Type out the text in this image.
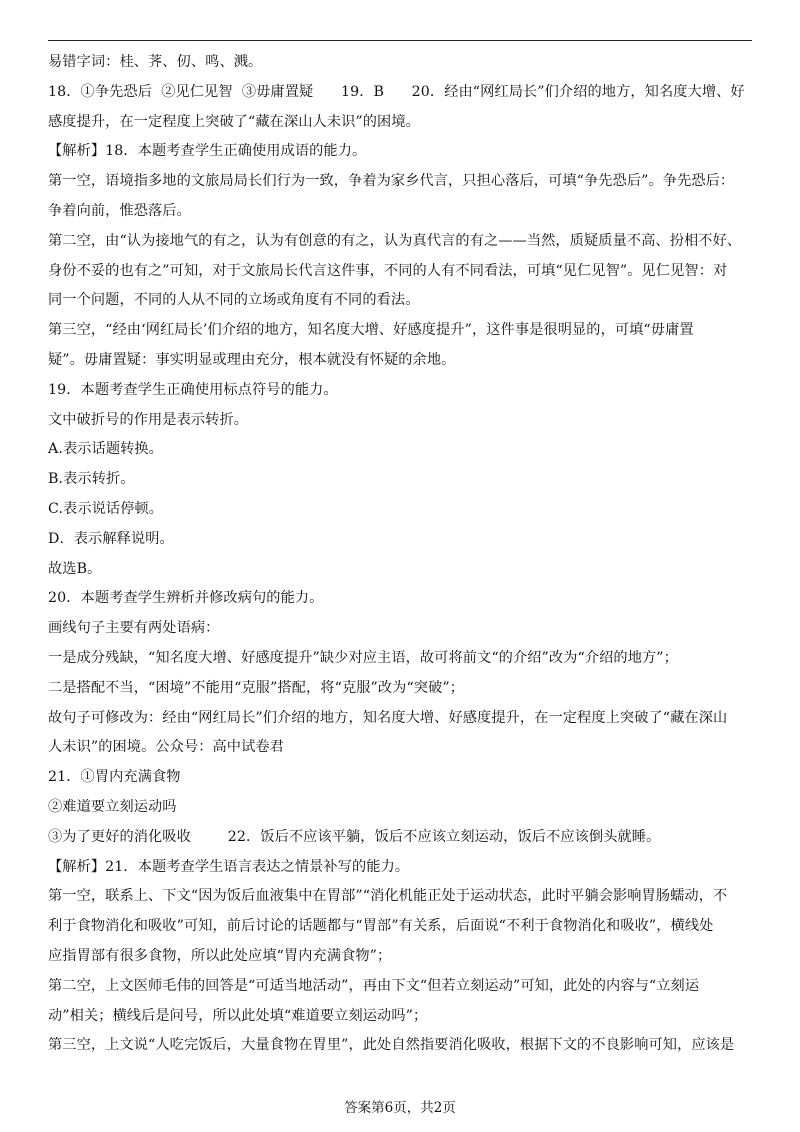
易错字词：桂、荠、仞、鸣、溅。
18．①争先恐后  ②见仁见智  ③毋庸置疑      19．B      20．经由“网红局长”们介绍的地方，知名度大增、好
感度提升，在一定程度上突破了“藏在深山人未识”的困境。
【解析】18．本题考查学生正确使用成语的能力。
第一空，语境指多地的文旅局局长们行为一致，争着为家乡代言，只担心落后，可填“争先恐后”。争先恐后：
争着向前，惟恐落后。
第二空，由“认为接地气的有之，认为有创意的有之，认为真代言的有之——当然，质疑质量不高、扮相不好、
身份不妥的也有之”可知，对于文旅局长代言这件事，不同的人有不同看法，可填“见仁见智”。见仁见智：对
同一个问题，不同的人从不同的立场或角度有不同的看法。
第三空，“经由‘网红局长’们介绍的地方，知名度大增、好感度提升”，这件事是很明显的，可填“毋庸置
疑”。毋庸置疑：事实明显或理由充分，根本就没有怀疑的余地。
19．本题考查学生正确使用标点符号的能力。
文中破折号的作用是表示转折。
A.表示话题转换。
B.表示转折。
C.表示说话停顿。
D．表示解释说明。
故选B。
20．本题考查学生辨析并修改病句的能力。
画线句子主要有两处语病：
一是成分残缺，“知名度大增、好感度提升”缺少对应主语，故可将前文“的介绍”改为“介绍的地方”；
二是搭配不当，“困境”不能用“克服”搭配，将“克服”改为“突破”；
故句子可修改为：经由“网红局长”们介绍的地方，知名度大增、好感度提升，在一定程度上突破了“藏在深山
人未识”的困境。公众号：高中试卷君
21．①胃内充满食物
②难道要立刻运动吗
③为了更好的消化吸收        22．饭后不应该平躺，饭后不应该立刻运动，饭后不应该倒头就睡。
【解析】21．本题考查学生语言表达之情景补写的能力。
第一空，联系上、下文“因为饭后血液集中在胃部”“消化机能正处于运动状态，此时平躺会影响胃肠蠕动，不
利于食物消化和吸收”可知，前后讨论的话题都与“胃部”有关系，后面说“不利于食物消化和吸收”，横线处
应指胃部有很多食物，所以此处应填“胃内充满食物”；
第二空，上文医师毛伟的回答是“可适当地活动”，再由下文“但若立刻运动”可知，此处的内容与“立刻运
动”相关；横线后是问号，所以此处填“难道要立刻运动吗”；
第三空，上文说“人吃完饭后，大量食物在胃里”，此处自然指要消化吸收，根据下文的不良影响可知，应该是
答案第6页，共2页
